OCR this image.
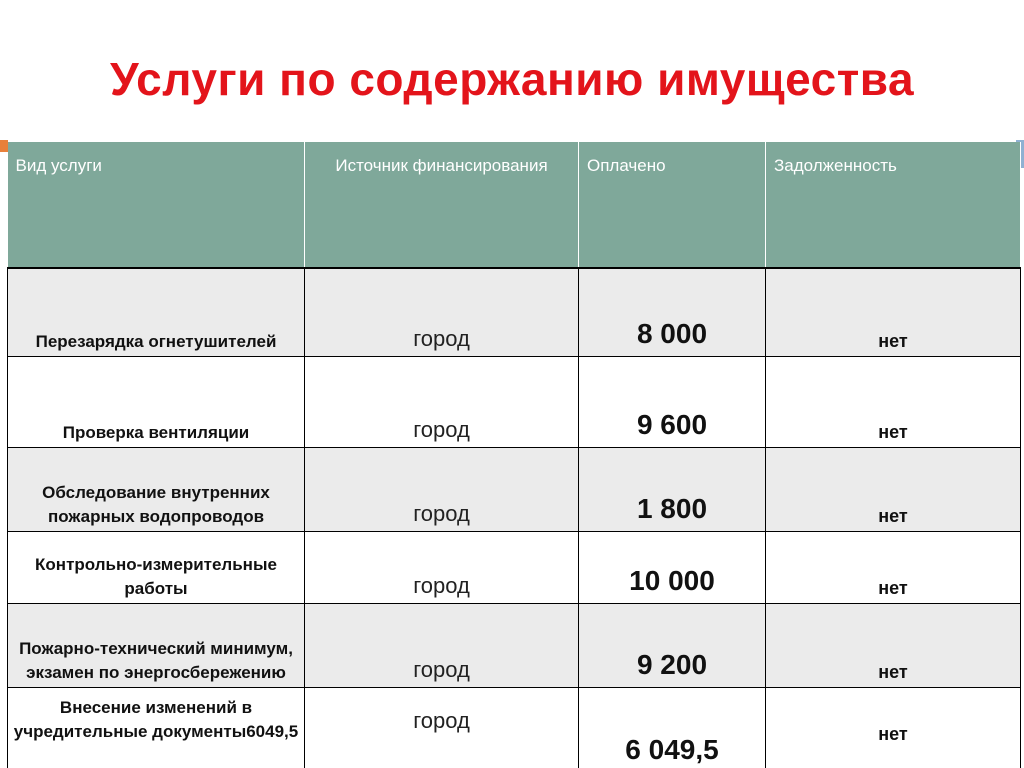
Услуги по содержанию имущества
Вид услуги	Источник финансирования	Оплачено	Задолженность
Перезарядка огнетушителей	город	8 000	нет
Проверка вентиляции	город	9 600	нет
Обследование внутренних пожарных водопроводов	город	1 800	нет
Контрольно-измерительные работы	город	10 000	нет
Пожарно-технический минимум, экзамен по энергосбережению	город	9 200	нет
Внесение изменений в учредительные документы6049,5	город	6 049,5	нет
